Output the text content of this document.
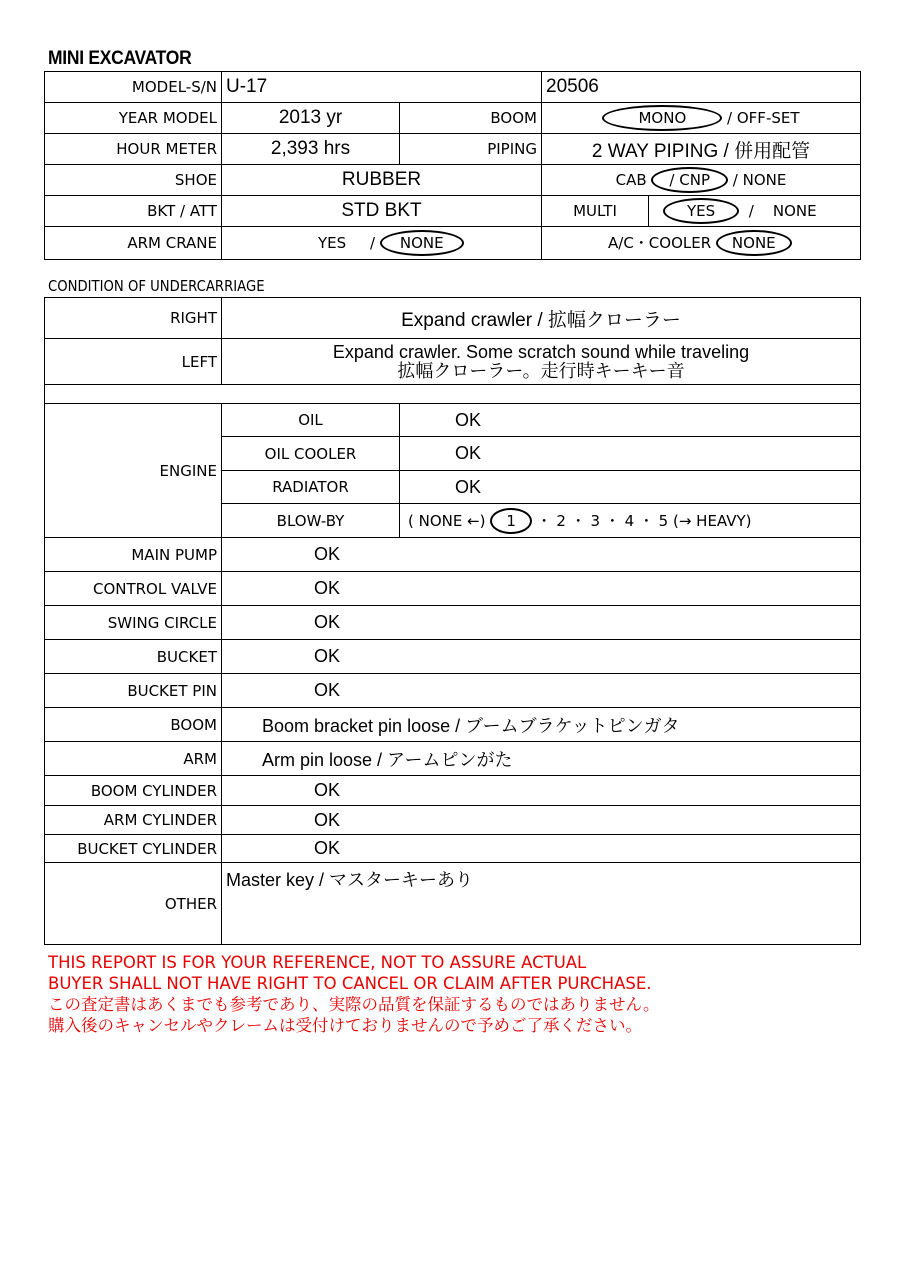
MINI EXCAVATOR
MODEL-S/N	U-17		20506	
YEAR MODEL	2013 yr	BOOM	MONO / OFF-SET	
HOUR METER	2,393 hrs	PIPING	2 WAY PIPING / 併用配管	
SHOE	RUBBER		CAB / CNP / NONE	
BKT / ATT	STD BKT		MULTI	YES / NONE
ARM CRANE	YES / NONE		A/C・COOLER NONE	
CONDITION OF UNDERCARRIAGE
RIGHT	Expand crawler / 拡幅クローラー	
LEFT	Expand crawler. Some scratch sound while traveling
拡幅クローラー。走行時キーキー音	

ENGINE	OIL	OK
	OIL COOLER	OK
	RADIATOR	OK
	BLOW-BY	( NONE ←) 1 ・ 2 ・ 3 ・ 4 ・ 5 (→ HEAVY)
MAIN PUMP	OK	
CONTROL VALVE	OK	
SWING CIRCLE	OK	
BUCKET	OK	
BUCKET PIN	OK	
BOOM	Boom bracket pin loose / ブームブラケットピンガタ	
ARM	Arm pin loose / アームピンがた	
BOOM CYLINDER	OK	
ARM CYLINDER	OK	
BUCKET CYLINDER	OK	
OTHER	Master key / マスターキーあり	
THIS REPORT IS FOR YOUR REFERENCE, NOT TO ASSURE ACTUAL
BUYER SHALL NOT HAVE RIGHT TO CANCEL OR CLAIM AFTER PURCHASE.
この査定書はあくまでも参考であり、実際の品質を保証するものではありません。
購入後のキャンセルやクレームは受付けておりませんので予めご了承ください。
